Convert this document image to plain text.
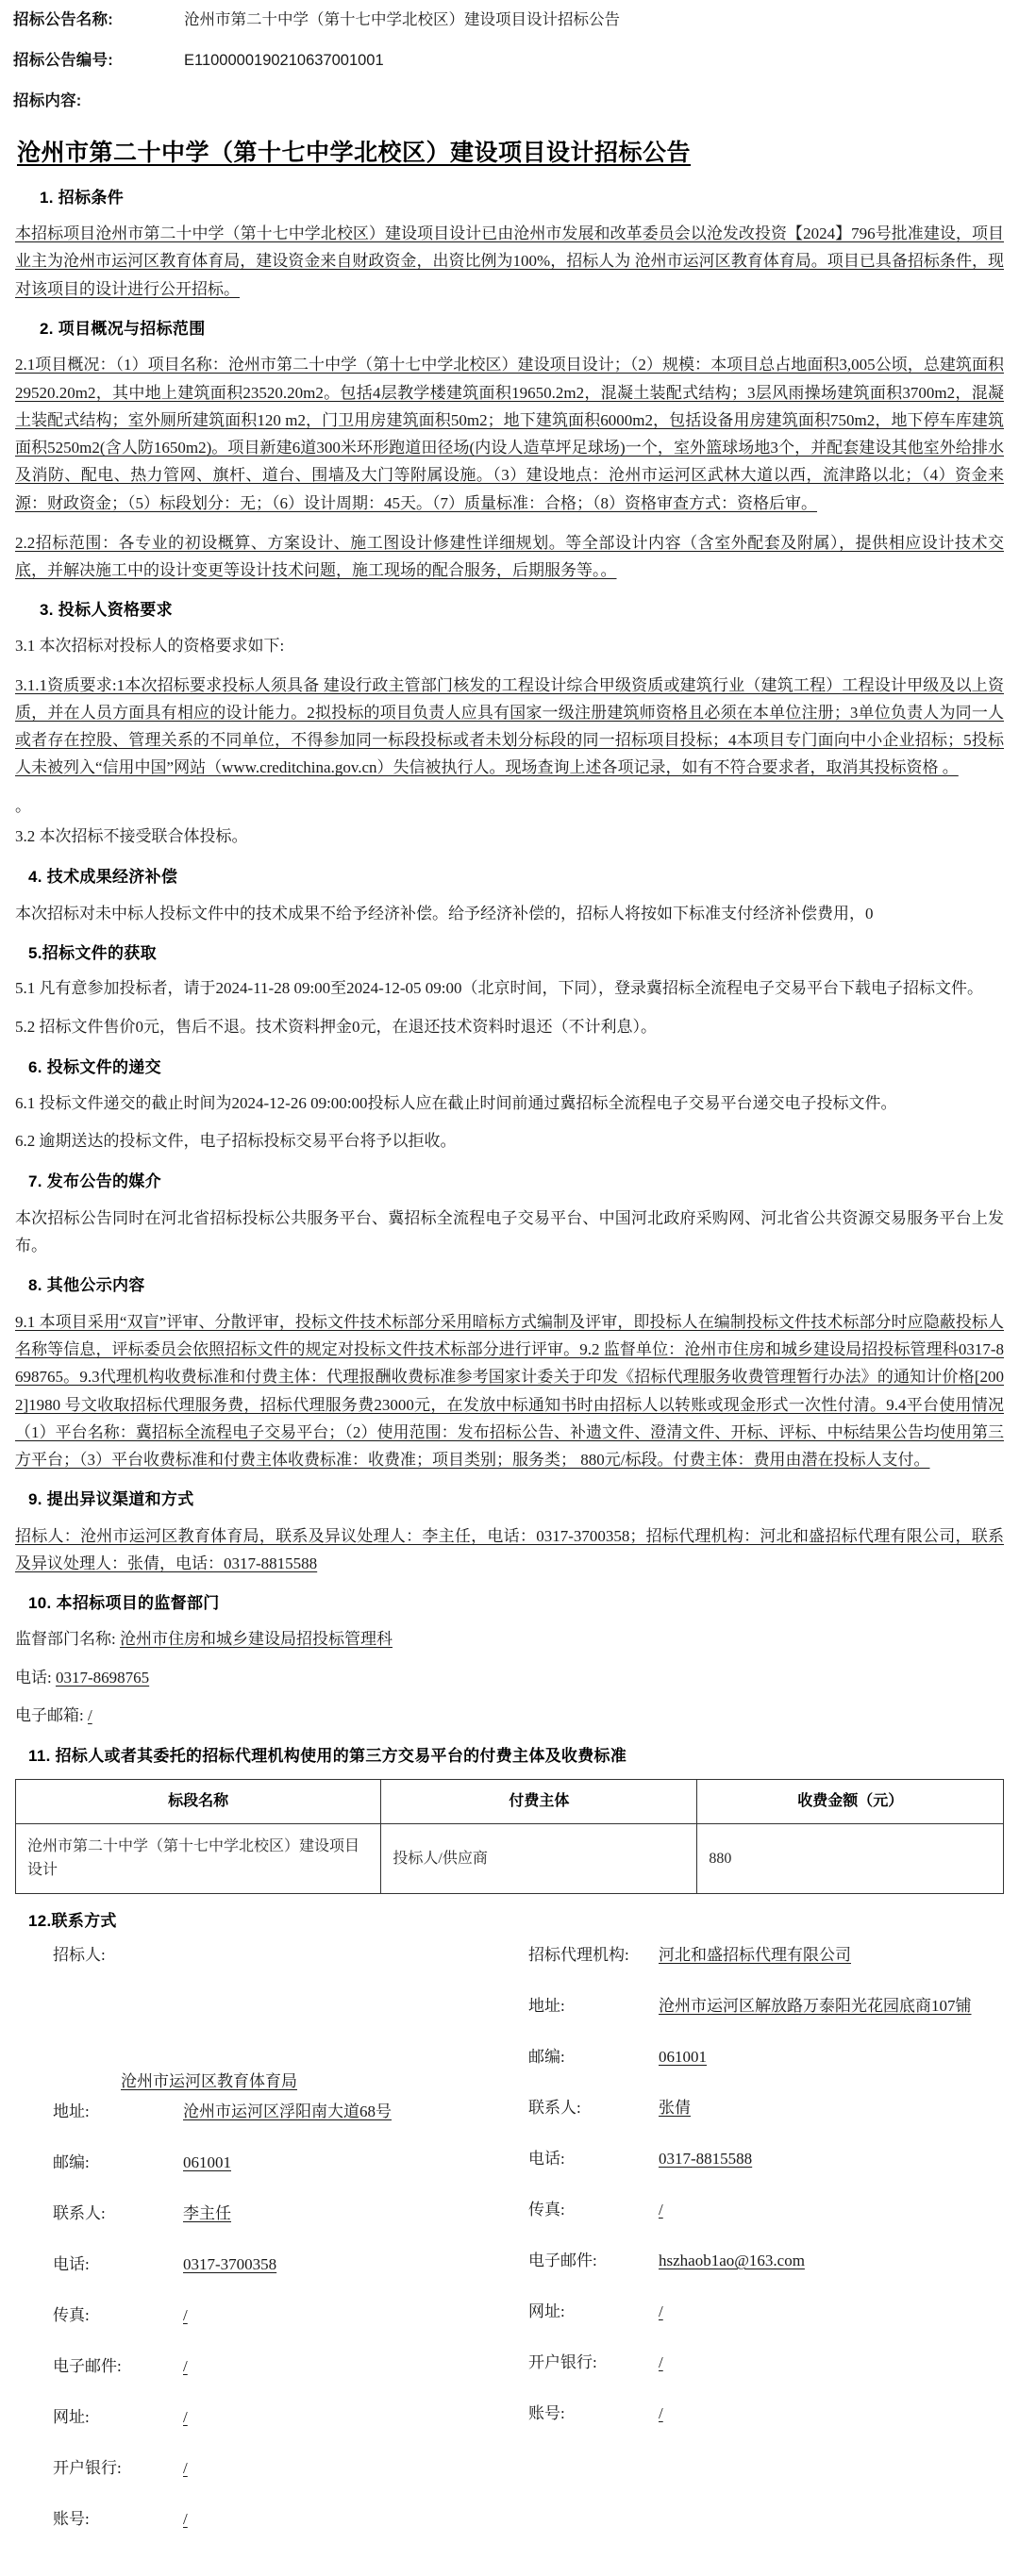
招标公告名称:	沧州市第二十中学（第十七中学北校区）建设项目设计招标公告
招标公告编号:	E1100000190210637001001
招标内容:
沧州市第二十中学（第十七中学北校区）建设项目设计招标公告
1. 招标条件

本招标项目沧州市第二十中学（第十七中学北校区）建设项目设计已由沧州市发展和改革委员会以沧发改投资【2024】796号批准建设，项目业主为沧州市运河区教育体育局，建设资金来自财政资金，出资比例为100%，招标人为 沧州市运河区教育体育局。项目已具备招标条件，现对该项目的设计进行公开招标。

2. 项目概况与招标范围

2.1项目概况：（1）项目名称：沧州市第二十中学（第十七中学北校区）建设项目设计；（2）规模：本项目总占地面积3,005公顷，总建筑面积29520.20m2，其中地上建筑面积23520.20m2。包括4层教学楼建筑面积19650.2m2，混凝土装配式结构；3层风雨操场建筑面积3700m2，混凝土装配式结构；室外厕所建筑面积120 m2，门卫用房建筑面积50m2；地下建筑面积6000m2，包括设备用房建筑面积750m2，地下停车库建筑面积5250m2(含人防1650m2)。项目新建6道300米环形跑道田径场(内设人造草坪足球场)一个，室外篮球场地3个，并配套建设其他室外给排水及消防、配电、热力管网、旗杆、道台、围墙及大门等附属设施。（3）建设地点：沧州市运河区武林大道以西，流津路以北；（4）资金来源：财政资金；（5）标段划分：无；（6）设计周期：45天。（7）质量标准：合格；（8）资格审查方式：资格后审。

2.2招标范围：各专业的初设概算、方案设计、施工图设计修建性详细规划。等全部设计内容（含室外配套及附属），提供相应设计技术交底，并解决施工中的设计变更等设计技术问题，施工现场的配合服务，后期服务等。。

3. 投标人资格要求

3.1 本次招标对投标人的资格要求如下:

3.1.1资质要求:1本次招标要求投标人须具备 建设行政主管部门核发的工程设计综合甲级资质或建筑行业（建筑工程）工程设计甲级及以上资质，并在人员方面具有相应的设计能力。2拟投标的项目负责人应具有国家一级注册建筑师资格且必须在本单位注册；3单位负责人为同一人或者存在控股、管理关系的不同单位，不得参加同一标段投标或者未划分标段的同一招标项目投标；4本项目专门面向中小企业招标；5投标人未被列入“信用中国”网站（www.creditchina.gov.cn）失信被执行人。现场查询上述各项记录，如有不符合要求者，取消其投标资格 。

。

3.2 本次招标不接受联合体投标。

4. 技术成果经济补偿

本次招标对未中标人投标文件中的技术成果不给予经济补偿。给予经济补偿的，招标人将按如下标准支付经济补偿费用，0

5.招标文件的获取

5.1 凡有意参加投标者，请于2024-11-28 09:00至2024-12-05 09:00（北京时间，下同），登录冀招标全流程电子交易平台下载电子招标文件。

5.2 招标文件售价0元，售后不退。技术资料押金0元，在退还技术资料时退还（不计利息）。

6. 投标文件的递交

6.1 投标文件递交的截止时间为2024-12-26 09:00:00投标人应在截止时间前通过冀招标全流程电子交易平台递交电子投标文件。

6.2 逾期送达的投标文件，电子招标投标交易平台将予以拒收。

7. 发布公告的媒介

本次招标公告同时在河北省招标投标公共服务平台、冀招标全流程电子交易平台、中国河北政府采购网、河北省公共资源交易服务平台上发布。

8. 其他公示内容

9.1 本项目采用“双盲”评审、分散评审，投标文件技术标部分采用暗标方式编制及评审，即投标人在编制投标文件技术标部分时应隐蔽投标人名称等信息，评标委员会依照招标文件的规定对投标文件技术标部分进行评审。9.2 监督单位：沧州市住房和城乡建设局招投标管理科0317-8698765。9.3代理机构收费标准和付费主体：代理报酬收费标准参考国家计委关于印发《招标代理服务收费管理暂行办法》的通知计价格[2002]1980 号文收取招标代理服务费，招标代理服务费23000元，在发放中标通知书时由招标人以转账或现金形式一次性付清。9.4平台使用情况（1）平台名称：冀招标全流程电子交易平台；（2）使用范围：发布招标公告、补遗文件、澄清文件、开标、评标、中标结果公告均使用第三方平台；（3）平台收费标准和付费主体收费标准：收费准；项目类别；服务类； 880元/标段。付费主体：费用由潜在投标人支付。

9. 提出异议渠道和方式

招标人：沧州市运河区教育体育局，联系及异议处理人：李主任，电话：0317-3700358；招标代理机构：河北和盛招标代理有限公司，联系及异议处理人：张倩，电话：0317-8815588

10. 本招标项目的监督部门

监督部门名称: 沧州市住房和城乡建设局招投标管理科

电话: 0317-8698765

电子邮箱: /

11. 招标人或者其委托的招标代理机构使用的第三方交易平台的付费主体及收费标准
标段名称	付费主体	收费金额（元）
沧州市第二十中学（第十七中学北校区）建设项目设计	投标人/供应商	880
12.联系方式
招标人:
沧州市运河区教育体育局
地址:	沧州市运河区浮阳南大道68号
邮编:	061001
联系人:	李主任
电话:	0317-3700358
传真:	/
电子邮件:	/
网址:	/
开户银行:	/
账号:	/
招标代理机构:	河北和盛招标代理有限公司
地址:	沧州市运河区解放路万泰阳光花园底商107铺
邮编:	061001
联系人:	张倩
电话:	0317-8815588
传真:	/
电子邮件:	hszhaob1ao@163.com
网址:	/
开户银行:	/
账号:	/
